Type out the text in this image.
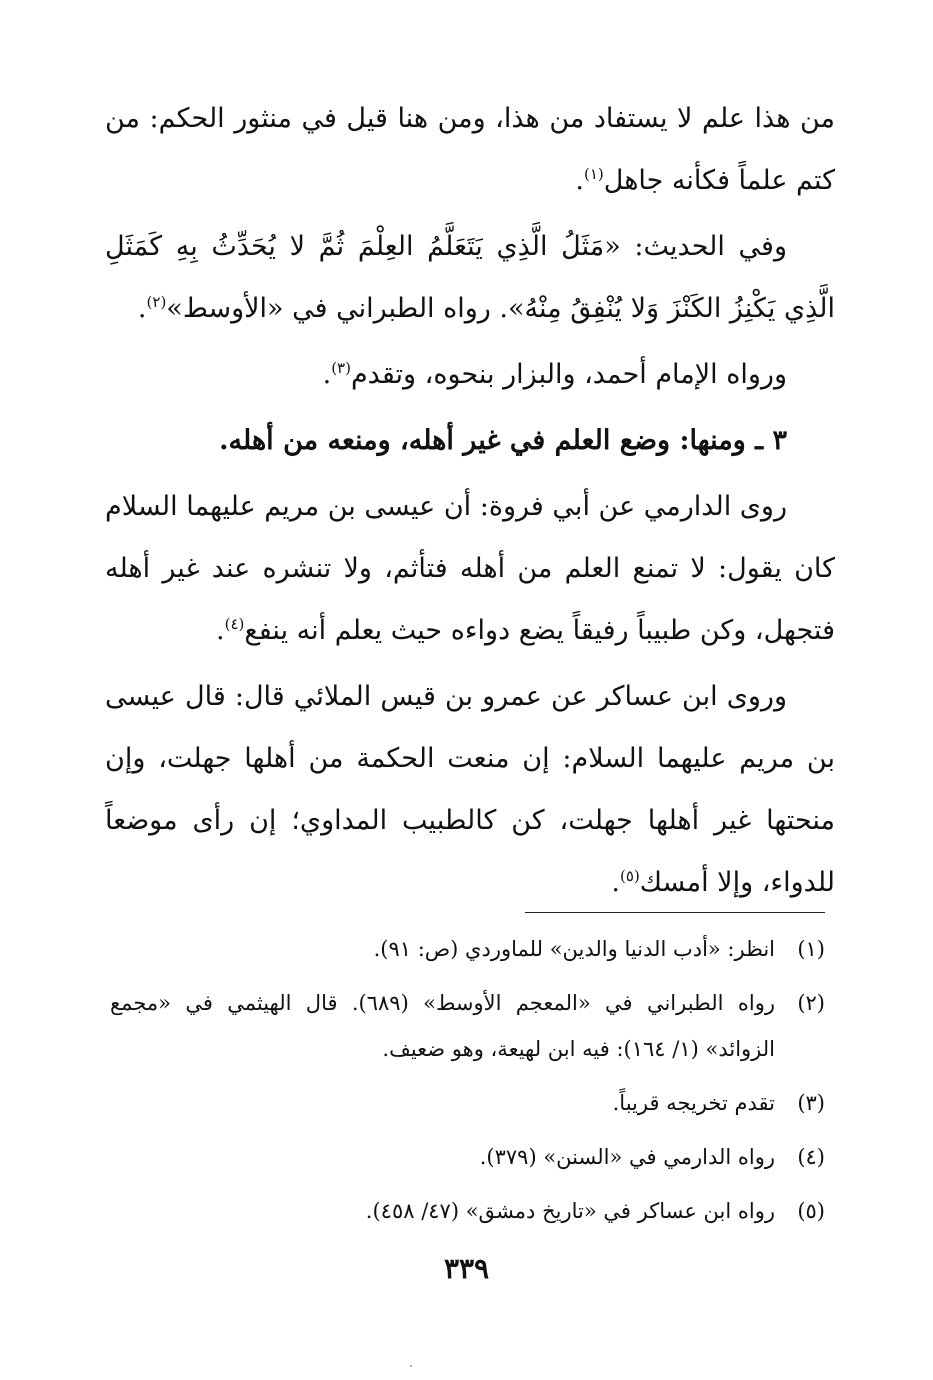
من هذا علم لا يستفاد من هذا، ومن هنا قيل في منثور الحكم: من كتم علماً فكأنه جاهل$^{(١)}$.

وفي الحديث: «مَثَلُ الَّذِي يَتَعَلَّمُ العِلْمَ ثُمَّ لا يُحَدِّثُ بِهِ كَمَثَلِ الَّذِي يَكْنِزُ الكَنْزَ وَلا يُنْفِقُ مِنْهُ». رواه الطبراني في «الأوسط»$^{(٢)}$.

ورواه الإمام أحمد، والبزار بنحوه، وتقدم$^{(٣)}$.

٣ ـ ومنها: وضع العلم في غير أهله، ومنعه من أهله.

روى الدارمي عن أبي فروة: أن عيسى بن مريم عليهما السلام كان يقول: لا تمنع العلم من أهله فتأثم، ولا تنشره عند غير أهله فتجهل، وكن طبيباً رفيقاً يضع دواءه حيث يعلم أنه ينفع$^{(٤)}$.

وروى ابن عساكر عن عمرو بن قيس الملائي قال: قال عيسى بن مريم عليهما السلام: إن منعت الحكمة من أهلها جهلت، وإن منحتها غير أهلها جهلت، كن كالطبيب المداوي؛ إن رأى موضعاً للدواء، وإلا أمسك$^{(٥)}$.

(١)
انظر: «أدب الدنيا والدين» للماوردي (ص: ٩١).
(٢)
رواه الطبراني في «المعجم الأوسط» (٦٨٩). قال الهيثمي في «مجمع الزوائد» (١/ ١٦٤): فيه ابن لهيعة، وهو ضعيف.
(٣)
تقدم تخريجه قريباً.
(٤)
رواه الدارمي في «السنن» (٣٧٩).
(٥)
رواه ابن عساكر في «تاريخ دمشق» (٤٧/ ٤٥٨).
٣٣٩
